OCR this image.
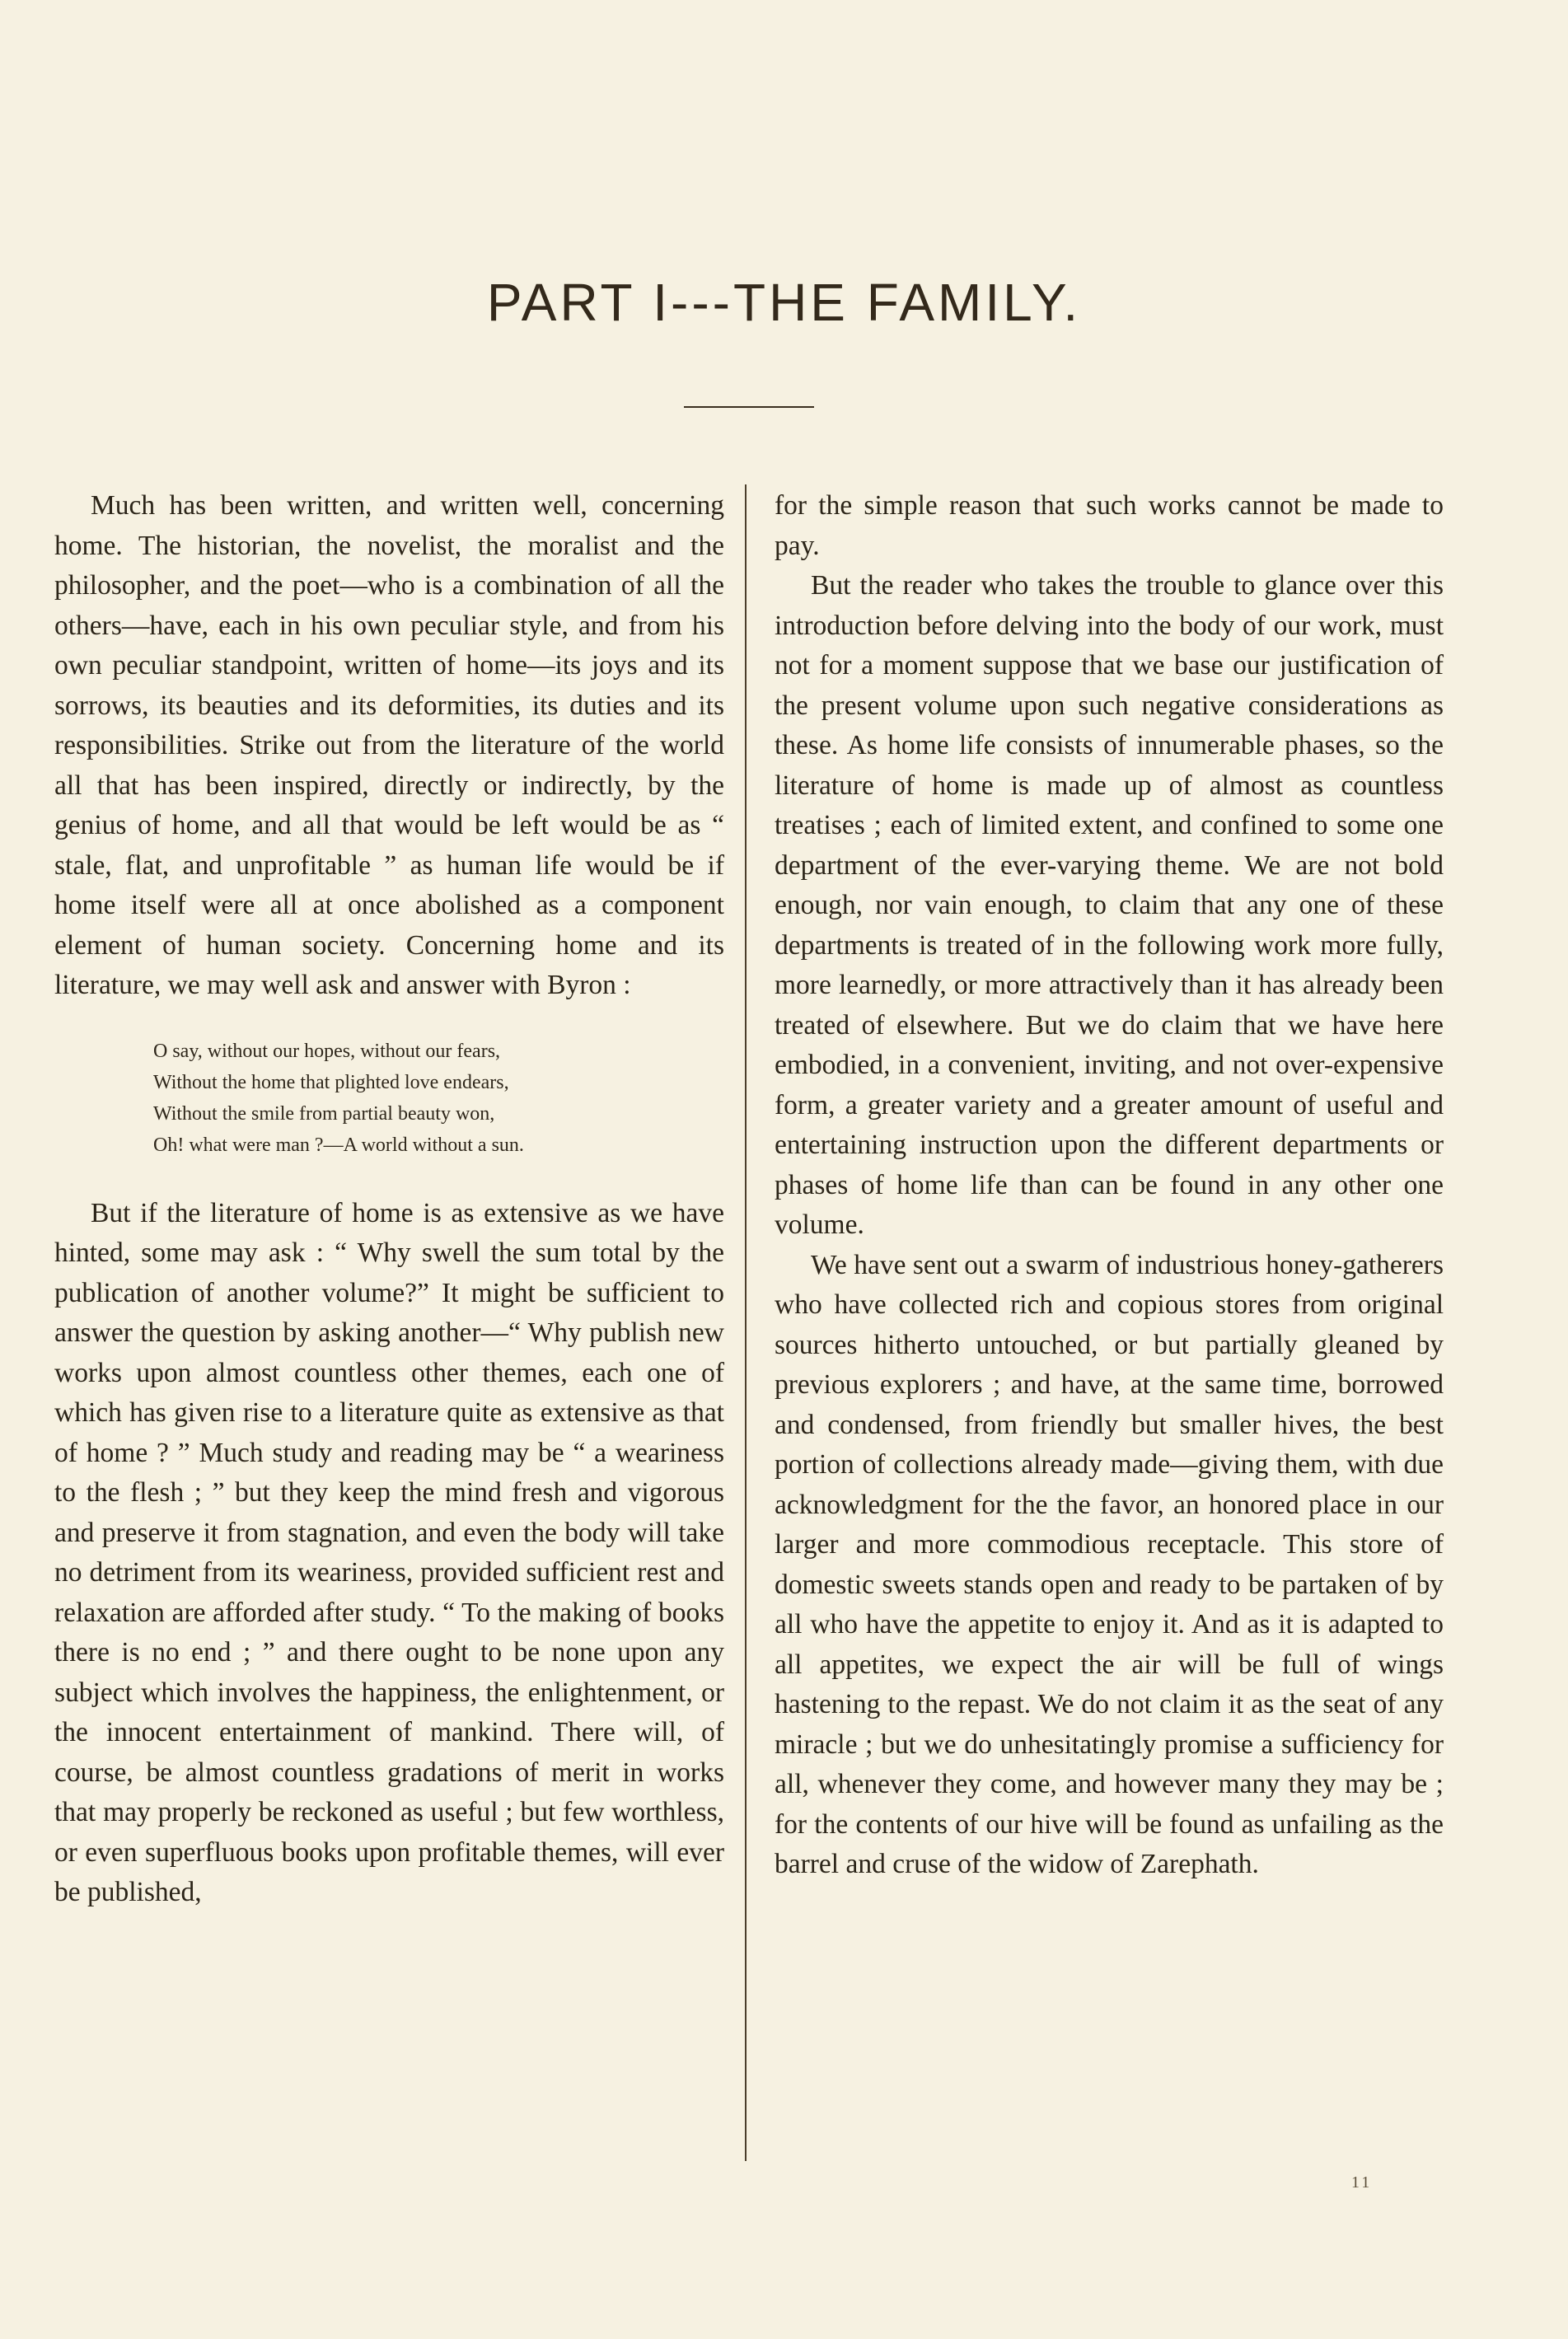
PART I---THE FAMILY.

Much has been written, and written well, concerning home. The historian, the novelist, the moralist and the philosopher, and the poet—who is a combination of all the others—have, each in his own peculiar style, and from his own peculiar standpoint, written of home—its joys and its sorrows, its beauties and its deformities, its duties and its responsibilities. Strike out from the literature of the world all that has been inspired, directly or indirectly, by the genius of home, and all that would be left would be as “ stale, flat, and unprofitable ” as human life would be if home itself were all at once abolished as a component element of human society. Concerning home and its literature, we may well ask and answer with Byron :

O say, without our hopes, without our fears,
Without the home that plighted love endears,
Without the smile from partial beauty won,
Oh! what were man ?—A world without a sun.

But if the literature of home is as extensive as we have hinted, some may ask : “ Why swell the sum total by the publication of another volume?” It might be sufficient to answer the question by asking another—“ Why publish new works upon almost countless other themes, each one of which has given rise to a literature quite as extensive as that of home ? ” Much study and reading may be “ a weariness to the flesh ; ” but they keep the mind fresh and vigorous and preserve it from stagnation, and even the body will take no detriment from its weariness, provided sufficient rest and relaxation are afforded after study. “ To the making of books there is no end ; ” and there ought to be none upon any subject which involves the happiness, the enlightenment, or the innocent entertainment of mankind. There will, of course, be almost countless gradations of merit in works that may properly be reckoned as useful ; but few worthless, or even superfluous books upon profitable themes, will ever be published,

for the simple reason that such works cannot be made to pay.

But the reader who takes the trouble to glance over this introduction before delving into the body of our work, must not for a moment suppose that we base our justification of the present volume upon such negative considerations as these. As home life consists of innumerable phases, so the literature of home is made up of almost as countless treatises ; each of limited extent, and confined to some one department of the ever-varying theme. We are not bold enough, nor vain enough, to claim that any one of these departments is treated of in the following work more fully, more learnedly, or more attractively than it has already been treated of elsewhere. But we do claim that we have here embodied, in a convenient, inviting, and not over-expensive form, a greater variety and a greater amount of useful and entertaining instruction upon the different departments or phases of home life than can be found in any other one volume.

We have sent out a swarm of industrious honey-gatherers who have collected rich and copious stores from original sources hitherto untouched, or but partially gleaned by previous explorers ; and have, at the same time, borrowed and condensed, from friendly but smaller hives, the best portion of collections already made—giving them, with due acknowledgment for the the favor, an honored place in our larger and more commodious receptacle. This store of domestic sweets stands open and ready to be partaken of by all who have the appetite to enjoy it. And as it is adapted to all appetites, we expect the air will be full of wings hastening to the repast. We do not claim it as the seat of any miracle ; but we do unhesitatingly promise a sufficiency for all, whenever they come, and however many they may be ; for the contents of our hive will be found as unfailing as the barrel and cruse of the widow of Zarephath.

11
